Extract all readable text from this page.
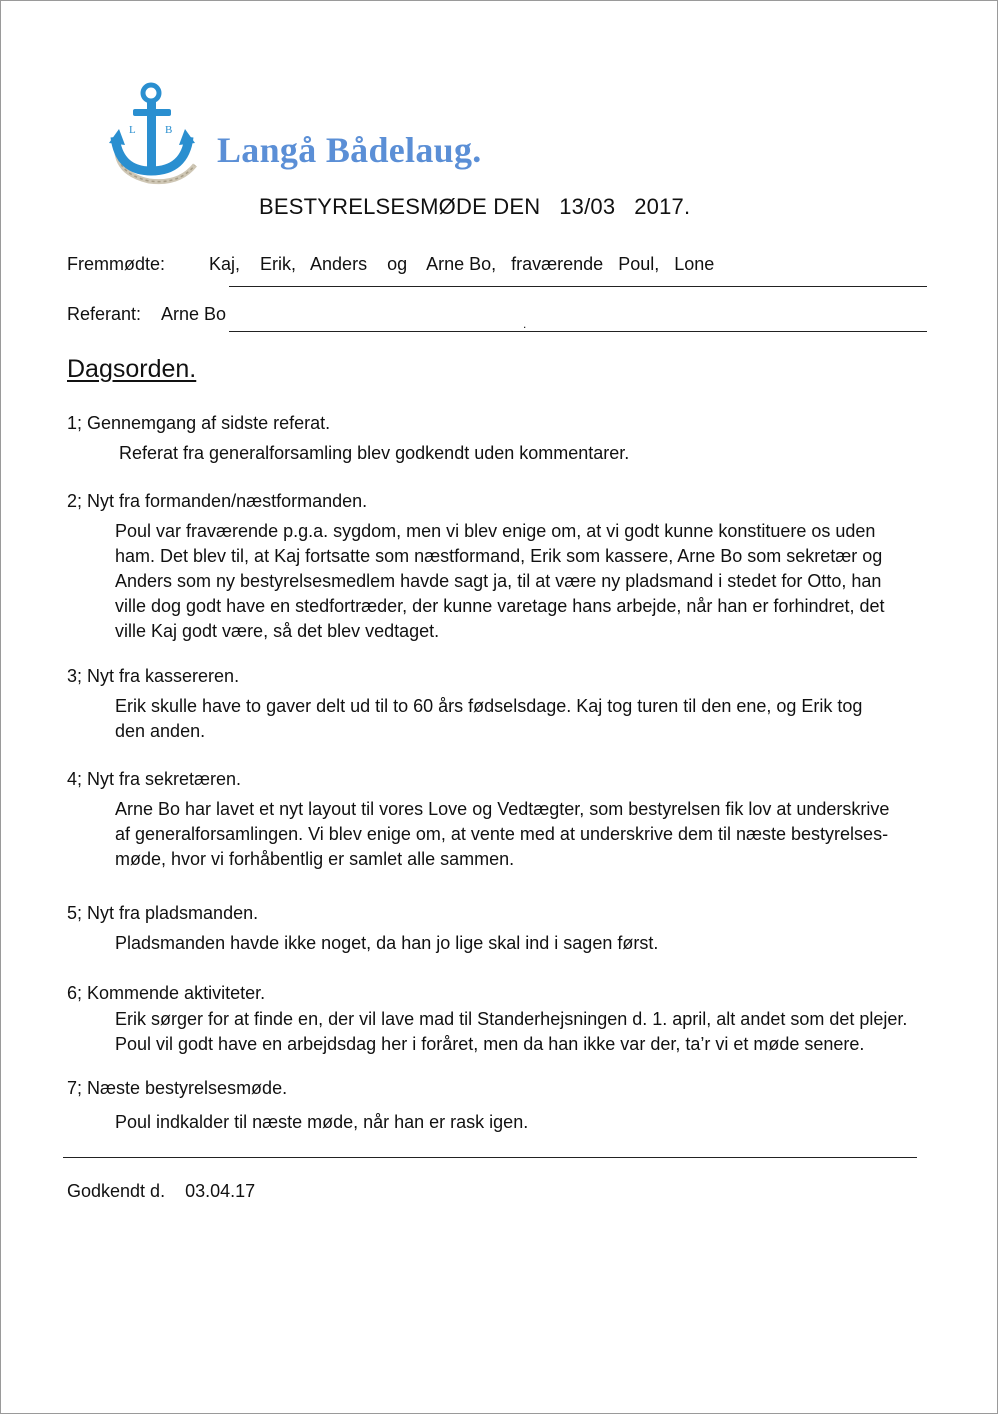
L	B Langå Bådelaug.
BESTYRELSESMØDE DEN   13/03   2017.
Fremmødte: Kaj,    Erik,   Anders    og    Arne Bo,   fraværende   Poul,   Lone
Referant: Arne Bo	.
Dagsorden.
1; Gennemgang af sidste referat.
Referat fra generalforsamling blev godkendt uden kommentarer.
2; Nyt fra formanden/næstformanden.
Poul var fraværende p.g.a. sygdom, men vi blev enige om, at vi godt kunne konstituere os uden
ham. Det blev til, at Kaj fortsatte som næstformand, Erik som kassere, Arne Bo som sekretær og
Anders som ny bestyrelsesmedlem havde sagt ja, til at være ny pladsmand i stedet for Otto, han
ville dog godt have en stedfortræder, der kunne varetage hans arbejde, når han er forhindret, det
ville Kaj godt være, så det blev vedtaget.
3; Nyt fra kassereren.
Erik skulle have to gaver delt ud til to 60 års fødselsdage. Kaj tog turen til den ene, og Erik tog
den anden.
4; Nyt fra sekretæren.
Arne Bo har lavet et nyt layout til vores Love og Vedtægter, som bestyrelsen fik lov at underskrive
af generalforsamlingen. Vi blev enige om, at vente med at underskrive dem til næste bestyrelses-
møde, hvor vi forhåbentlig er samlet alle sammen.
5; Nyt fra pladsmanden.
Pladsmanden havde ikke noget, da han jo lige skal ind i sagen først.
6; Kommende aktiviteter.
Erik sørger for at finde en, der vil lave mad til Standerhejsningen d. 1. april, alt andet som det plejer.
Poul vil godt have en arbejdsdag her i foråret, men da han ikke var der, ta’r vi et møde senere.
7; Næste bestyrelsesmøde.
Poul indkalder til næste møde, når han er rask igen.
Godkendt d.    03.04.17
